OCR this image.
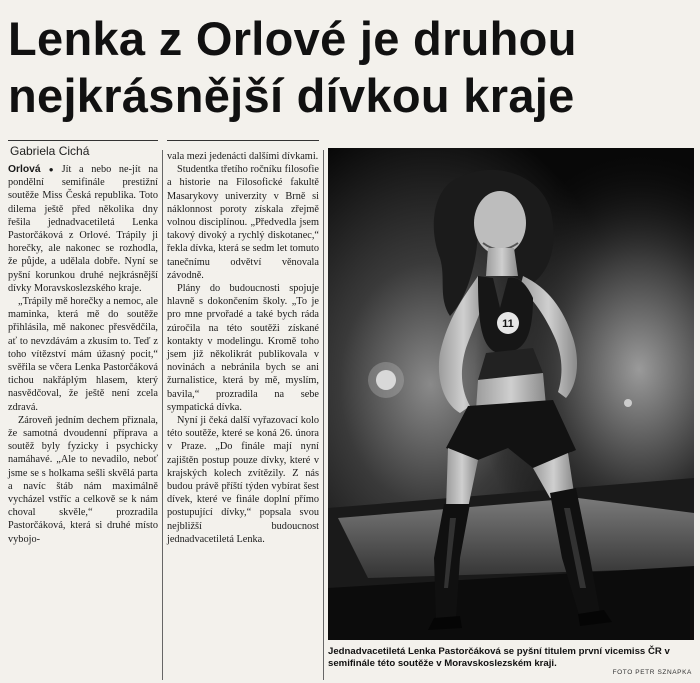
Lenka z Orlové je druhou
nejkrásnější dívkou kraje
Gabriela Cichá

Orlová ● Jít a nebo ne-jít na pondělní semifinále prestižní soutěže Miss Česká republika. Toto dilema ještě před několika dny řešila jednadvacetiletá Lenka Pastorčáková z Orlové. Trápily ji horečky, ale nakonec se rozhodla, že půjde, a udělala dobře. Nyní se pyšní korunkou druhé nejkrásnější dívky Moravskoslezského kraje.

„Trápily mě horečky a nemoc, ale maminka, která mě do soutěže přihlásila, mě nakonec přesvědčila, ať to nevzdávám a zkusím to. Teď z toho vítězství mám úžasný pocit,“ svěřila se včera Lenka Pastorčáková tichou nakřáplým hlasem, který nasvědčoval, že ještě není zcela zdravá.

Zároveň jedním dechem přiznala, že samotná dvoudenní příprava a soutěž byly fyzicky i psychicky namáhavé. „Ale to nevadilo, neboť jsme se s holkama sešli skvělá parta a navíc štáb nám maximálně vycházel vstříc a celkově se k nám choval skvěle,“ prozradila Pastorčáková, která si druhé místo vybojo-

vala mezi jedenácti dalšími dívkami.

Studentka třetího ročníku filosofie a historie na Filosofické fakultě Masarykovy univerzity v Brně si náklonnost poroty získala zřejmě volnou disciplínou. „Předvedla jsem takový divoký a rychlý diskotanec,“ řekla dívka, která se sedm let tomuto tanečnímu odvětví věnovala závodně.

Plány do budoucnosti spojuje hlavně s dokončením školy. „To je pro mne prvořadé a také bych ráda zúročila na této soutěži získané kontakty v modelingu. Kromě toho jsem již několikrát publikovala v novinách a nebránila bych se ani žurnalistice, která by mě, myslím, bavila,“ prozradila na sebe sympatická dívka.

Nyní ji čeká další vyřazovací kolo této soutěže, které se koná 26. února v Praze. „Do finále mají nyní zajištěn postup pouze dívky, které v krajských kolech zvítězily. Z nás budou právě příští týden vybírat šest dívek, které ve finále doplní přímo postupující dívky,“ popsala svou nejbližší budoucnost jednadvacetiletá Lenka.

11
Jednadvacetiletá Lenka Pastorčáková se pyšní titulem první vicemiss ČR v semifinále této soutěže v Moravskoslezském kraji.
FOTO PETR SZNAPKA
